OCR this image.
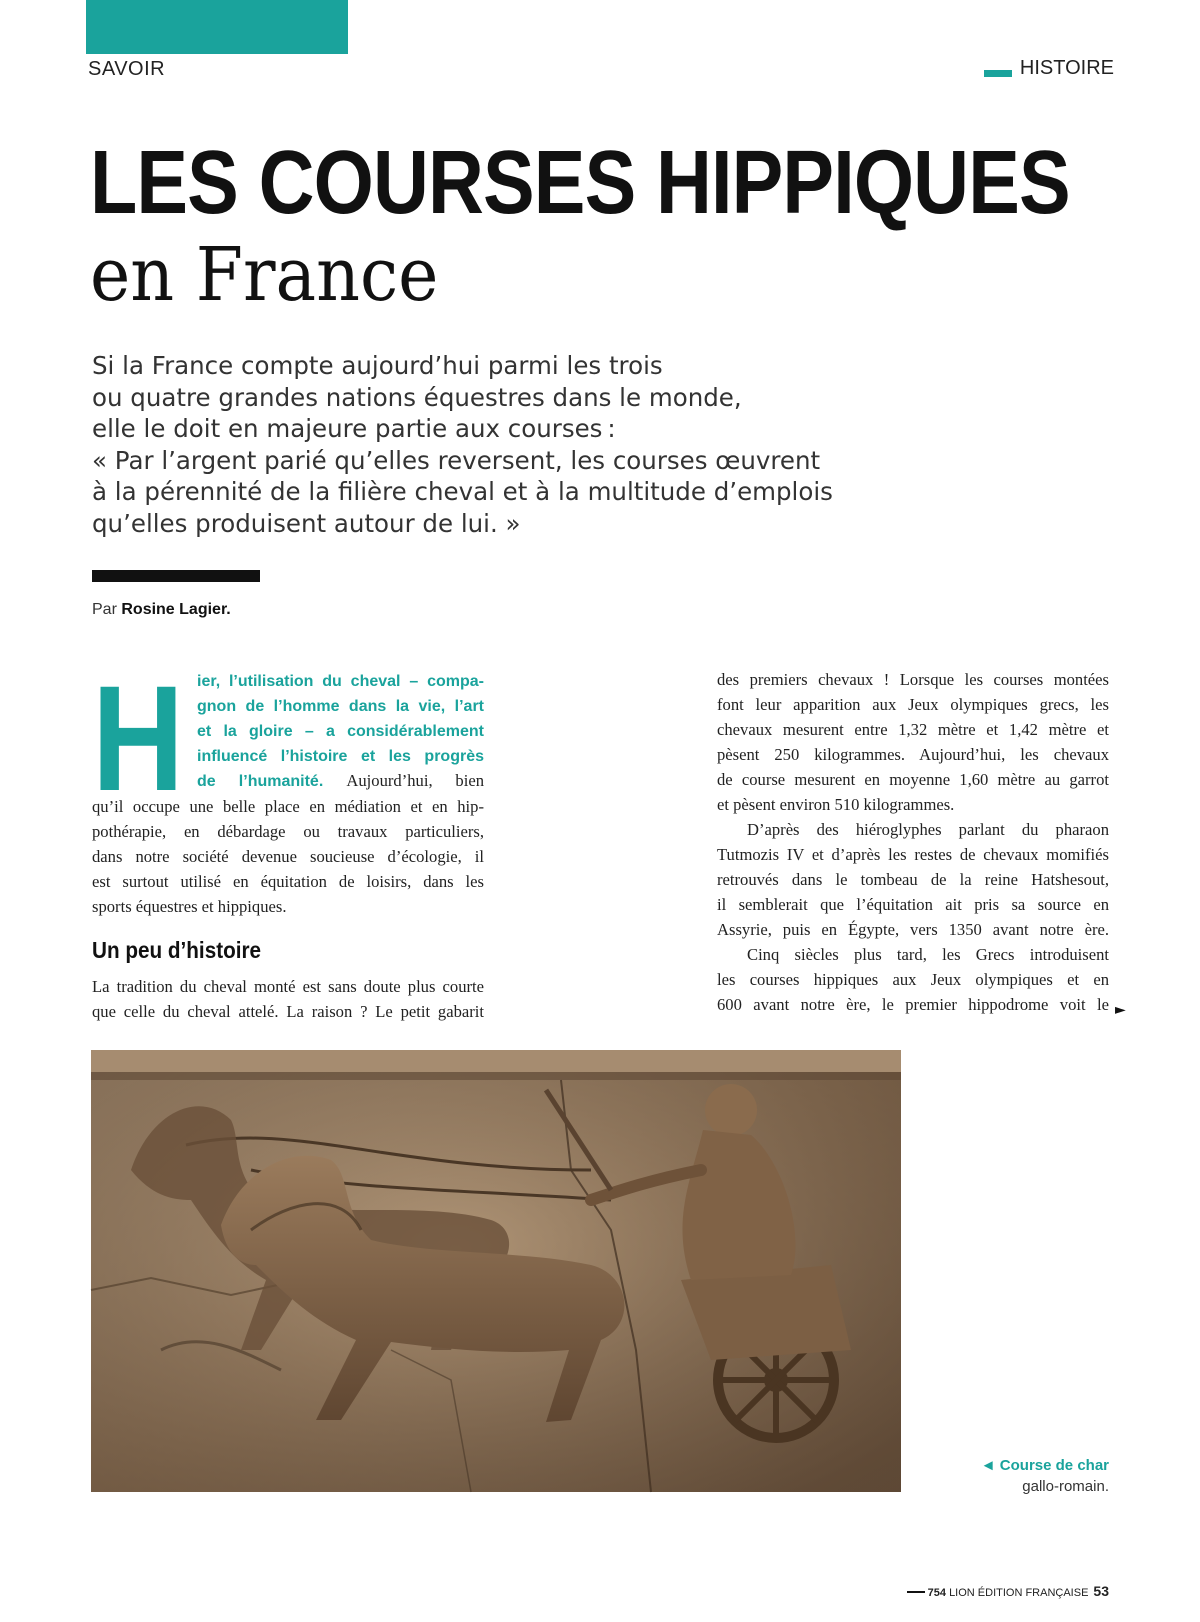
SAVOIR	HISTOIRE
LES COURSES HIPPIQUES
en France
Si la France compte aujourd’hui parmi les trois
ou quatre grandes nations équestres dans le monde,
elle le doit en majeure partie aux courses :
« Par l’argent parié qu’elles reversent, les courses œuvrent
à la pérennité de la filière cheval et à la multitude d’emplois
qu’elles produisent autour de lui. »
Par Rosine Lagier.
H ier, l’utilisation du cheval – compa-
gnon de l’homme dans la vie, l’art
et la gloire – a considérablement
influencé l’histoire et les progrès
de l’humanité. Aujourd’hui, bien
qu’il occupe une belle place en médiation et en hip-
pothérapie, en débardage ou travaux particuliers,
dans notre société devenue soucieuse d’écologie, il
est surtout utilisé en équitation de loisirs, dans les
sports équestres et hippiques.
Un peu d’histoire
La tradition du cheval monté est sans doute plus courte
que celle du cheval attelé. La raison ? Le petit gabarit
des premiers chevaux ! Lorsque les courses montées
font leur apparition aux Jeux olympiques grecs, les
chevaux mesurent entre 1,32 mètre et 1,42 mètre et
pèsent 250 kilogrammes. Aujourd’hui, les chevaux
de course mesurent en moyenne 1,60 mètre au garrot
et pèsent environ 510 kilogrammes.
D’après des hiéroglyphes parlant du pharaon
Tutmozis IV et d’après les restes de chevaux momifiés
retrouvés dans le tombeau de la reine Hatshesout,
il semblerait que l’équitation ait pris sa source en
Assyrie, puis en Égypte, vers 1350 avant notre ère.
Cinq siècles plus tard, les Grecs introduisent
les courses hippiques aux Jeux olympiques et en
600 avant notre ère, le premier hippodrome voit le ►
◄ Course de char
gallo-romain.
754
LION ÉDITION FRANÇAISE 53
